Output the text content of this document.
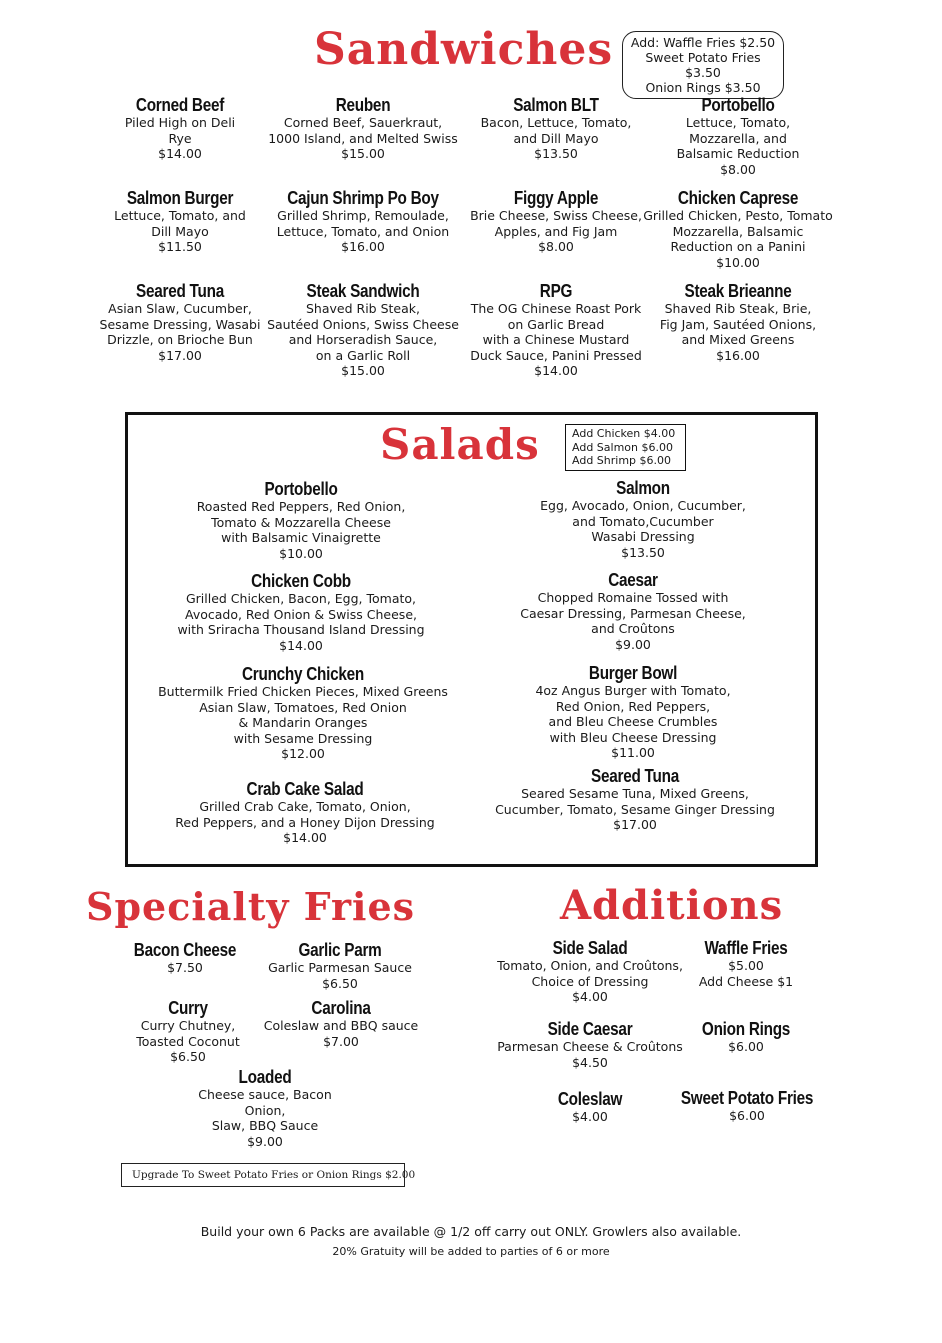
Sandwiches Add: Waffle Fries $2.50
Sweet Potato Fries $3.50
Onion Rings $3.50
Corned Beef
Piled High on Deli
Rye
$14.00
Reuben
Corned Beef, Sauerkraut,
1000 Island, and Melted Swiss
$15.00
Salmon BLT
Bacon, Lettuce, Tomato,
and Dill Mayo
$13.50
Portobello
Lettuce, Tomato,
Mozzarella, and
Balsamic Reduction
$8.00
Salmon Burger
Lettuce, Tomato, and
Dill Mayo
$11.50
Cajun Shrimp Po Boy
Grilled Shrimp, Remoulade,
Lettuce, Tomato, and Onion
$16.00
Figgy Apple
Brie Cheese, Swiss Cheese,
Apples, and Fig Jam
$8.00
Chicken Caprese
Grilled Chicken, Pesto, Tomato
Mozzarella, Balsamic
Reduction on a Panini
$10.00
Seared Tuna
Asian Slaw, Cucumber,
Sesame Dressing, Wasabi
Drizzle, on Brioche Bun
$17.00
Steak Sandwich
Shaved Rib Steak,
Sautéed Onions, Swiss Cheese
and Horseradish Sauce,
on a Garlic Roll
$15.00
RPG
The OG Chinese Roast Pork
on Garlic Bread
with a Chinese Mustard
Duck Sauce, Panini Pressed
$14.00
Steak Brieanne
Shaved Rib Steak, Brie,
Fig Jam, Sautéed Onions,
and Mixed Greens
$16.00
Salads	Add Chicken $4.00
Add Salmon $6.00
Add Shrimp $6.00
Portobello
Roasted Red Peppers, Red Onion,
Tomato & Mozzarella Cheese
with Balsamic Vinaigrette
$10.00
Salmon
Egg, Avocado, Onion, Cucumber,
and Tomato,Cucumber
Wasabi Dressing
$13.50
Chicken Cobb
Grilled Chicken, Bacon, Egg, Tomato,
Avocado, Red Onion & Swiss Cheese,
with Sriracha Thousand Island Dressing
$14.00
Caesar
Chopped Romaine Tossed with
Caesar Dressing, Parmesan Cheese,
and Croûtons
$9.00
Crunchy Chicken
Buttermilk Fried Chicken Pieces, Mixed Greens
Asian Slaw, Tomatoes, Red Onion
& Mandarin Oranges
with Sesame Dressing
$12.00
Burger Bowl
4oz Angus Burger with Tomato,
Red Onion, Red Peppers,
and Bleu Cheese Crumbles
with Bleu Cheese Dressing
$11.00
Crab Cake Salad
Grilled Crab Cake, Tomato, Onion,
Red Peppers, and a Honey Dijon Dressing
$14.00
Seared Tuna
Seared Sesame Tuna, Mixed Greens,
Cucumber, Tomato, Sesame Ginger Dressing
$17.00
Specialty Fries
Bacon Cheese
$7.50
Garlic Parm
Garlic Parmesan Sauce
$6.50
Curry
Curry Chutney,
Toasted Coconut
$6.50
Carolina
Coleslaw and BBQ sauce
$7.00
Loaded
Cheese sauce, Bacon
Onion,
Slaw, BBQ Sauce
$9.00
Upgrade To Sweet Potato Fries or Onion Rings $2.00
Additions
Side Salad
Tomato, Onion, and Croûtons,
Choice of Dressing
$4.00
Waffle Fries
$5.00
Add Cheese $1
Side Caesar
Parmesan Cheese & Croûtons
$4.50
Onion Rings
$6.00
Coleslaw
$4.00
Sweet Potato Fries
$6.00
Build your own 6 Packs are available @ 1/2 off carry out ONLY. Growlers also available.
20% Gratuity will be added to parties of 6 or more
